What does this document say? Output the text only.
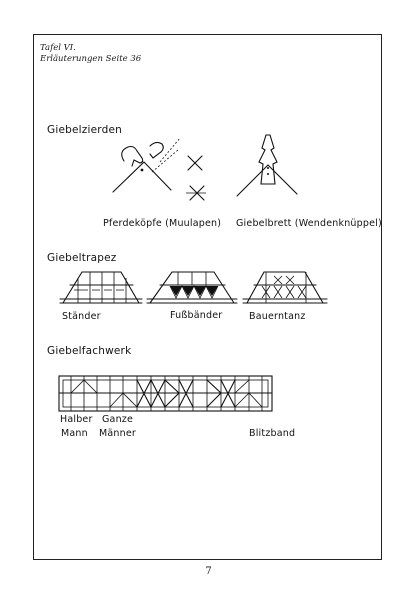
Tafel VI.
Erläuterungen Seite 36
Giebelzierden
Pferdeköpfe (Muulapen) Giebelbrett (Wendenknüppel)
Giebeltrapez
Ständer	Fußbänder	Bauerntanz
Giebelfachwerk
Halber
Mann
Ganze
Männer	Blitzband
7
